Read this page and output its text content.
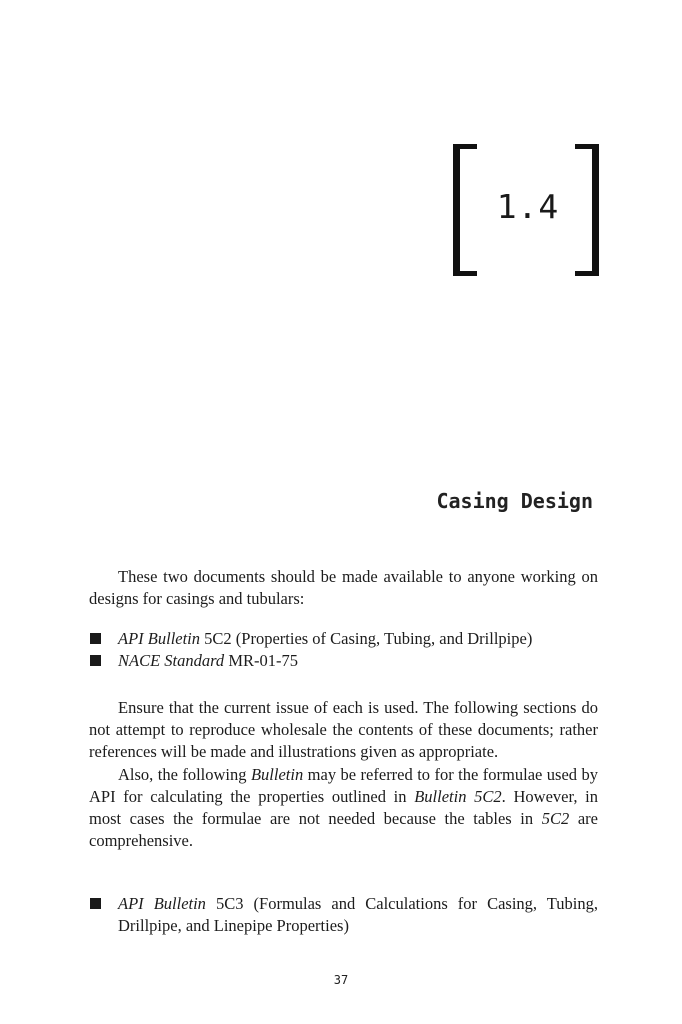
1.4
Casing Design

These two documents should be made available to anyone working on designs for casings and tubulars:

API Bulletin 5C2 (Properties of Casing, Tubing, and Drillpipe)
NACE Standard MR-01-75

Ensure that the current issue of each is used. The following sections do not attempt to reproduce wholesale the contents of these documents; rather references will be made and illustrations given as appropriate.

Also, the following Bulletin may be referred to for the formulae used by API for calculating the properties outlined in Bulletin 5C2. However, in most cases the formulae are not needed because the tables in 5C2 are comprehensive.

API Bulletin 5C3 (Formulas and Calculations for Casing, Tubing, Drillpipe, and Linepipe Properties)
37
